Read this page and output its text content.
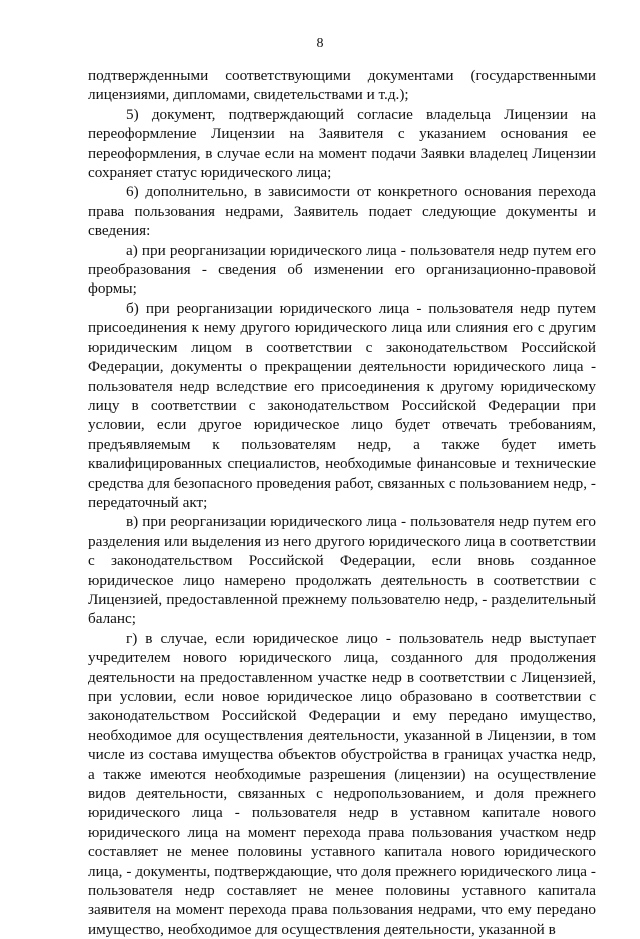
8

подтвержденными соответствующими документами (государственными лицензиями, дипломами, свидетельствами и т.д.);

5) документ, подтверждающий согласие владельца Лицензии на переоформление Лицензии на Заявителя с указанием основания ее переоформления, в случае если на момент подачи Заявки владелец Лицензии сохраняет статус юридического лица;

6) дополнительно, в зависимости от конкретного основания перехода права пользования недрами, Заявитель подает следующие документы и сведения:

а) при реорганизации юридического лица - пользователя недр путем его преобразования - сведения об изменении его организационно-правовой формы;

б) при реорганизации юридического лица - пользователя недр путем присоединения к нему другого юридического лица или слияния его с другим юридическим лицом в соответствии с законодательством Российской Федерации, документы о прекращении деятельности юридического лица - пользователя недр вследствие его присоединения к другому юридическому лицу в соответствии с законодательством Российской Федерации при условии, если другое юридическое лицо будет отвечать требованиям, предъявляемым к пользователям недр, а также будет иметь квалифицированных специалистов, необходимые финансовые и технические средства для безопасного проведения работ, связанных с пользованием недр, - передаточный акт;

в) при реорганизации юридического лица - пользователя недр путем его разделения или выделения из него другого юридического лица в соответствии с законодательством Российской Федерации, если вновь созданное юридическое лицо намерено продолжать деятельность в соответствии с Лицензией, предоставленной прежнему пользователю недр, - разделительный баланс;

г) в случае, если юридическое лицо - пользователь недр выступает учредителем нового юридического лица, созданного для продолжения деятельности на предоставленном участке недр в соответствии с Лицензией, при условии, если новое юридическое лицо образовано в соответствии с законодательством Российской Федерации и ему передано имущество, необходимое для осуществления деятельности, указанной в Лицензии, в том числе из состава имущества объектов обустройства в границах участка недр, а также имеются необходимые разрешения (лицензии) на осуществление видов деятельности, связанных с недропользованием, и доля прежнего юридического лица - пользователя недр в уставном капитале нового юридического лица на момент перехода права пользования участком недр составляет не менее половины уставного капитала нового юридического лица, - документы, подтверждающие, что доля прежнего юридического лица - пользователя недр составляет не менее половины уставного капитала заявителя на момент перехода права пользования недрами, что ему передано имущество, необходимое для осуществления деятельности, указанной в
